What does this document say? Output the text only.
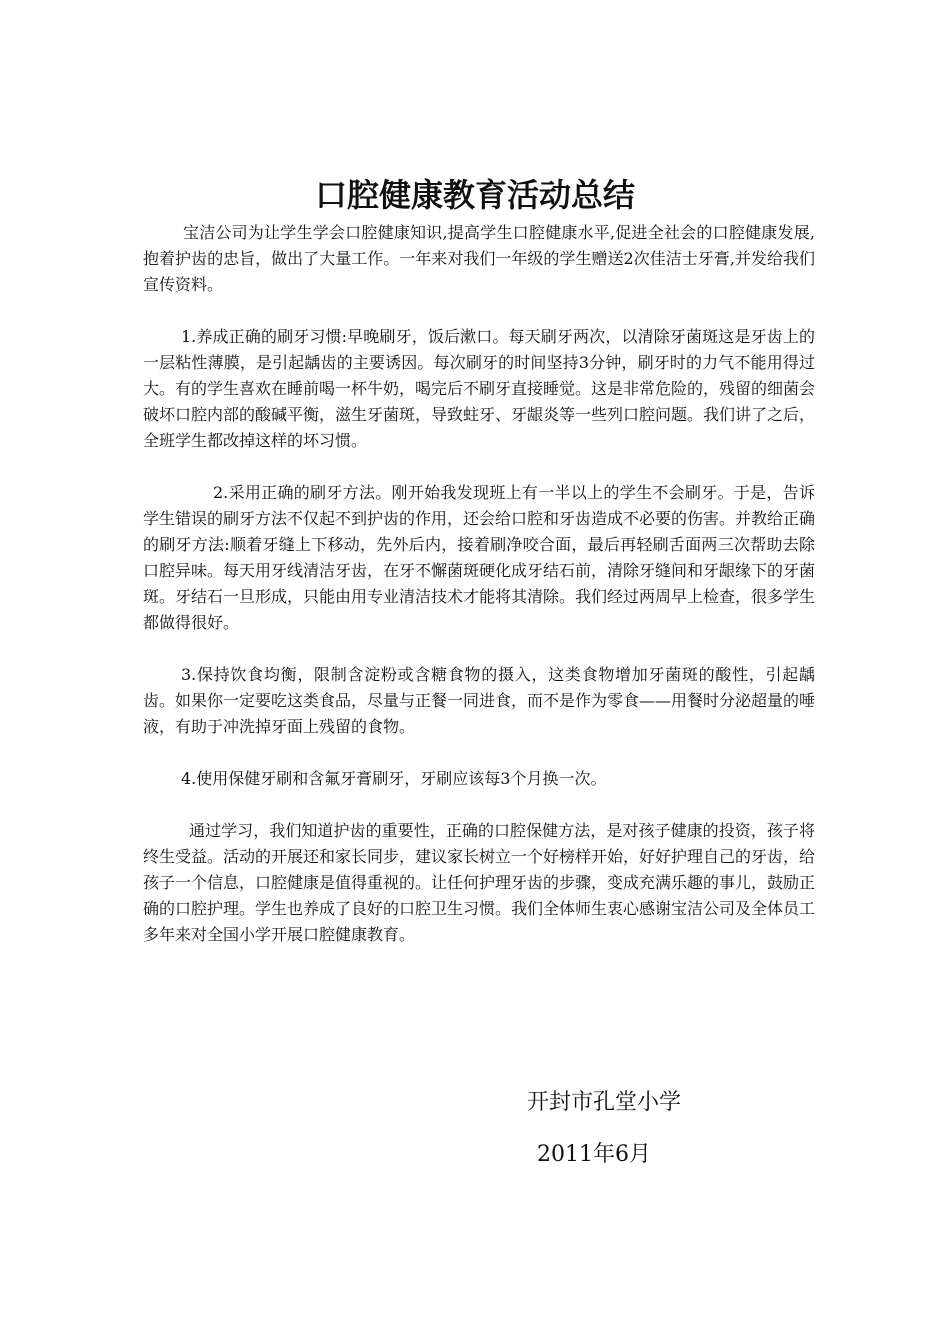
口腔健康教育活动总结

宝洁公司为让学生学会口腔健康知识,提高学生口腔健康水平,促进全社会的口腔健康发展,抱着护齿的忠旨，做出了大量工作。一年来对我们一年级的学生赠送2次佳洁士牙膏,并发给我们宣传资料。

1.养成正确的刷牙习惯:早晚刷牙，饭后漱口。每天刷牙两次，以清除牙菌斑这是牙齿上的一层粘性薄膜，是引起龋齿的主要诱因。每次刷牙的时间坚持3分钟，刷牙时的力气不能用得过大。有的学生喜欢在睡前喝一杯牛奶，喝完后不刷牙直接睡觉。这是非常危险的，残留的细菌会破坏口腔内部的酸碱平衡，滋生牙菌斑，导致蛀牙、牙龈炎等一些列口腔问题。我们讲了之后，全班学生都改掉这样的坏习惯。

2.采用正确的刷牙方法。刚开始我发现班上有一半以上的学生不会刷牙。于是，告诉学生错误的刷牙方法不仅起不到护齿的作用，还会给口腔和牙齿造成不必要的伤害。并教给正确的刷牙方法:顺着牙缝上下移动，先外后内，接着刷净咬合面，最后再轻刷舌面两三次帮助去除口腔异味。每天用牙线清洁牙齿，在牙不懈菌斑硬化成牙结石前，清除牙缝间和牙龈缘下的牙菌斑。牙结石一旦形成，只能由用专业清洁技术才能将其清除。我们经过两周早上检查，很多学生都做得很好。

3.保持饮食均衡，限制含淀粉或含糖食物的摄入，这类食物增加牙菌斑的酸性，引起龋齿。如果你一定要吃这类食品，尽量与正餐一同进食，而不是作为零食——用餐时分泌超量的唾液，有助于冲洗掉牙面上残留的食物。

4.使用保健牙刷和含氟牙膏刷牙，牙刷应该每3个月换一次。

通过学习，我们知道护齿的重要性，正确的口腔保健方法，是对孩子健康的投资，孩子将终生受益。活动的开展还和家长同步，建议家长树立一个好榜样开始，好好护理自己的牙齿，给孩子一个信息，口腔健康是值得重视的。让任何护理牙齿的步骤，变成充满乐趣的事儿，鼓励正确的口腔护理。学生也养成了良好的口腔卫生习惯。我们全体师生衷心感谢宝洁公司及全体员工多年来对全国小学开展口腔健康教育。

开封市孔堂小学
2011年6月
